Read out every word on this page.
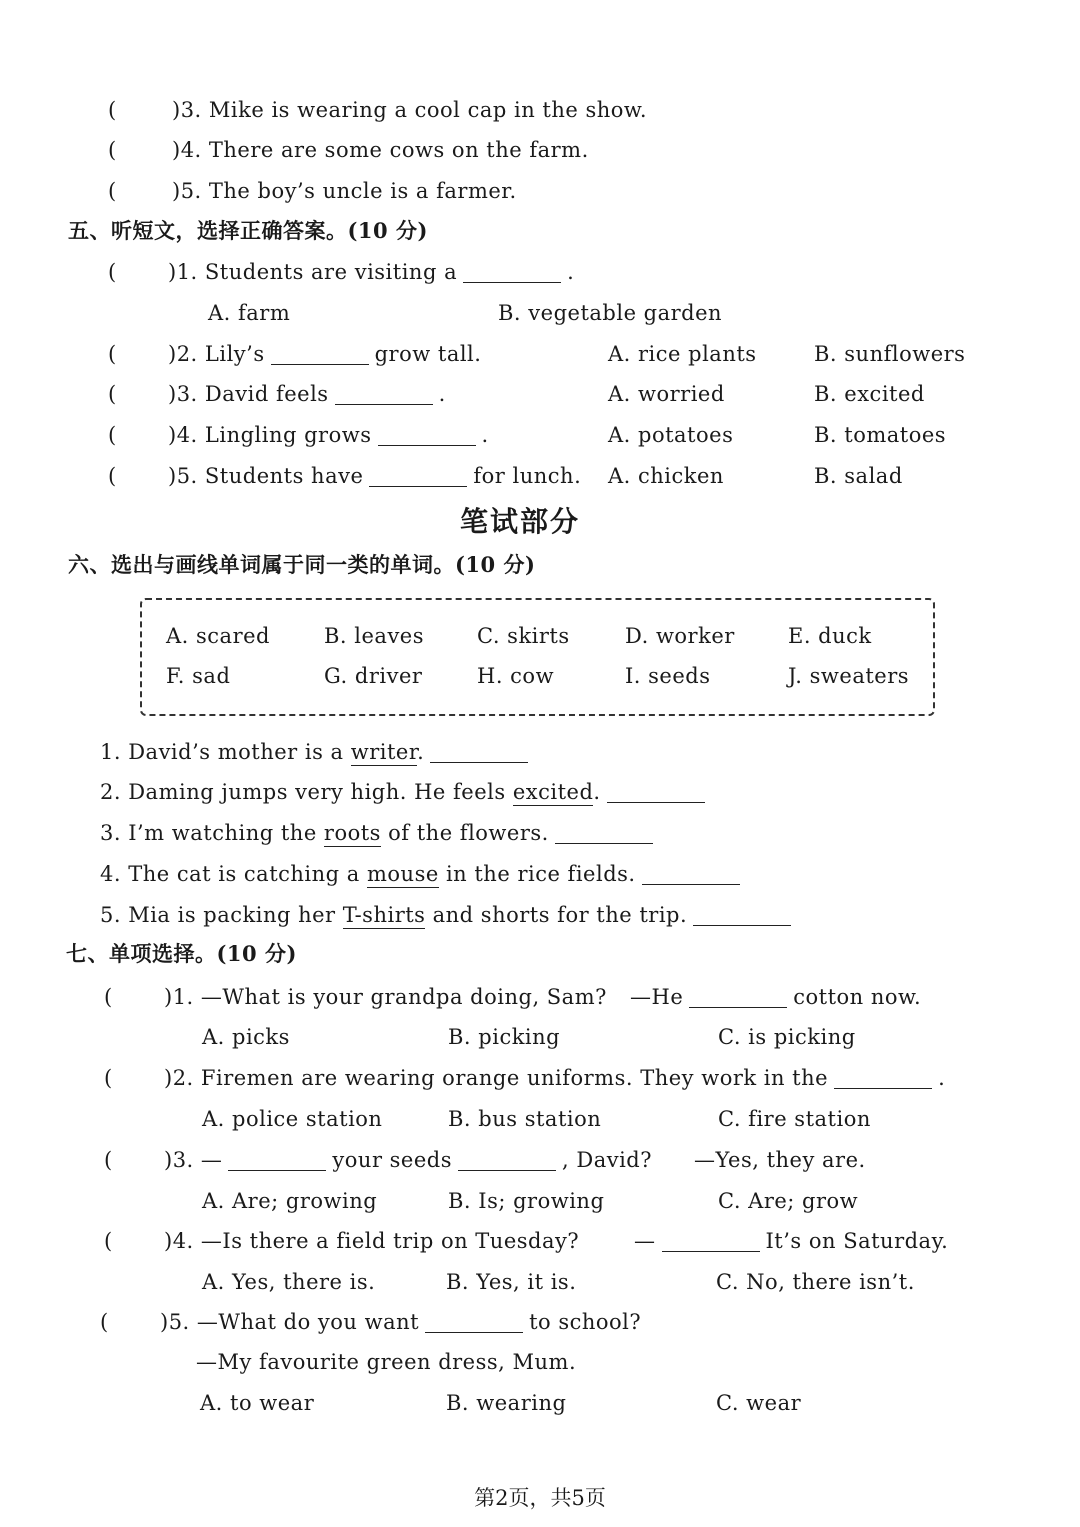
(	)3. Mike is wearing a cool cap in the show.
(	)4. There are some cows on the farm.
(	)5. The boy’s uncle is a farmer.
五、听短文，选择正确答案。(10 分)
( )1. Students are visiting a	.
A. farm	B. vegetable garden
( )2. Lily’s	grow tall.	A. rice plants	B. sunflowers
( )3. David feels	.	A. worried	B. excited
( )4. Lingling grows	.	A. potatoes	B. tomatoes
( )5. Students have	for lunch. A. chicken	B. salad
笔试部分
六、选出与画线单词属于同一类的单词。(10 分)
A. scared	B. leaves	C. skirts	D. worker	E. duck
F. sad	G. driver	H. cow	I. seeds	J. sweaters
1. David’s mother is a writer.
2. Daming jumps very high. He feels excited.
3. I’m watching the roots of the flowers.
4. The cat is catching a mouse in the rice fields.
5. Mia is packing her T-shirts and shorts for the trip.
七、单项选择。(10 分)
( )1. —What is your grandpa doing, Sam? —He	cotton now.
A. picks	B. picking	C. is picking
( )2. Firemen are wearing orange uniforms. They work in the	.
A. police station	B. bus station	C. fire station
( )3. —	your seeds	, David? —Yes, they are.
A. Are; growing	B. Is; growing	C. Are; grow
( )4. —Is there a field trip on Tuesday?	—	It’s on Saturday.
A. Yes, there is.	B. Yes, it is.	C. No, there isn’t.
( )5. —What do you want	to school?
—My favourite green dress, Mum.
A. to wear	B. wearing	C. wear
第2页，共5页
